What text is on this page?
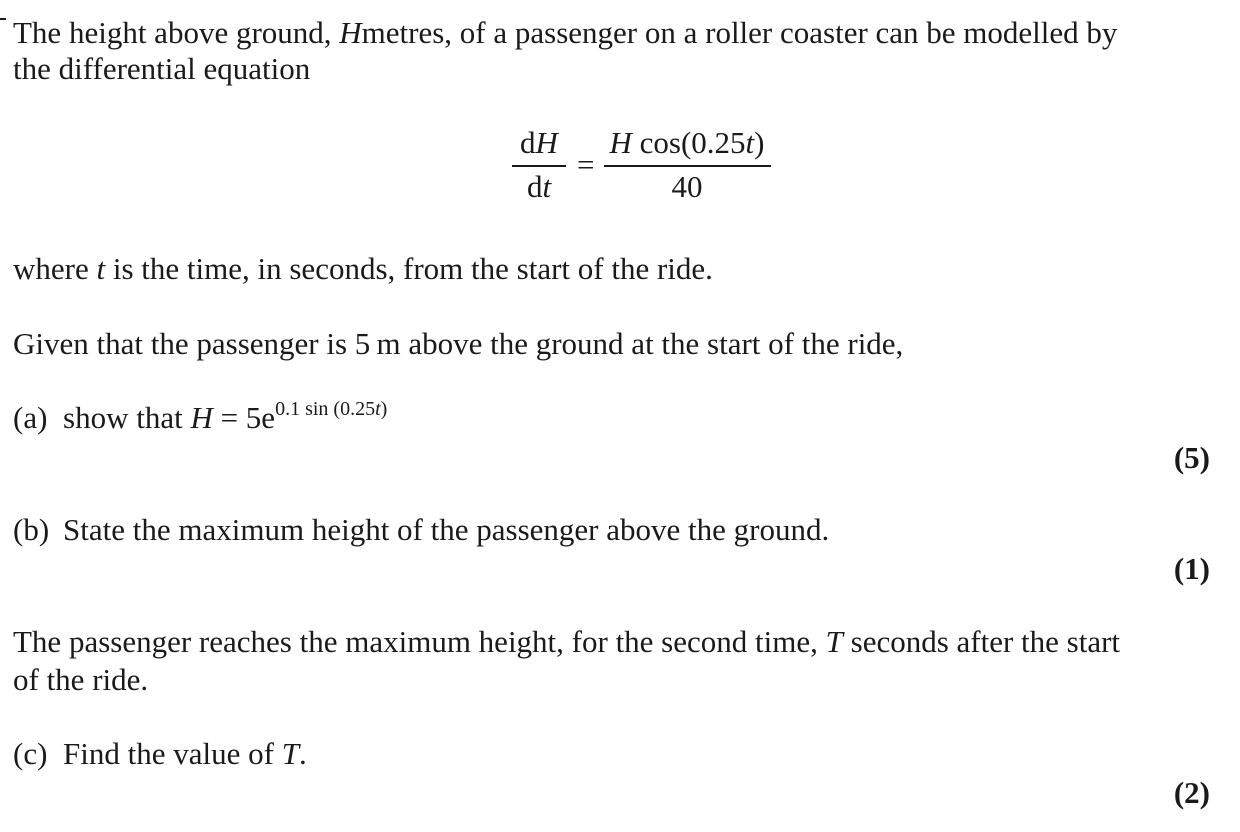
The height above ground, Hmetres, of a passenger on a roller coaster can be modelled by

the differential equation

dH
dt
=
H cos(0.25t)
40

where t is the time, in seconds, from the start of the ride.

Given that the passenger is 5 m above the ground at the start of the ride,

(a) show that $H = 5e^{0.1 sin (0.25t)}$

(5)

(b) State the maximum height of the passenger above the ground.

(1)

The passenger reaches the maximum height, for the second time, T seconds after the start

of the ride.

(c) Find the value of T.

(2)
